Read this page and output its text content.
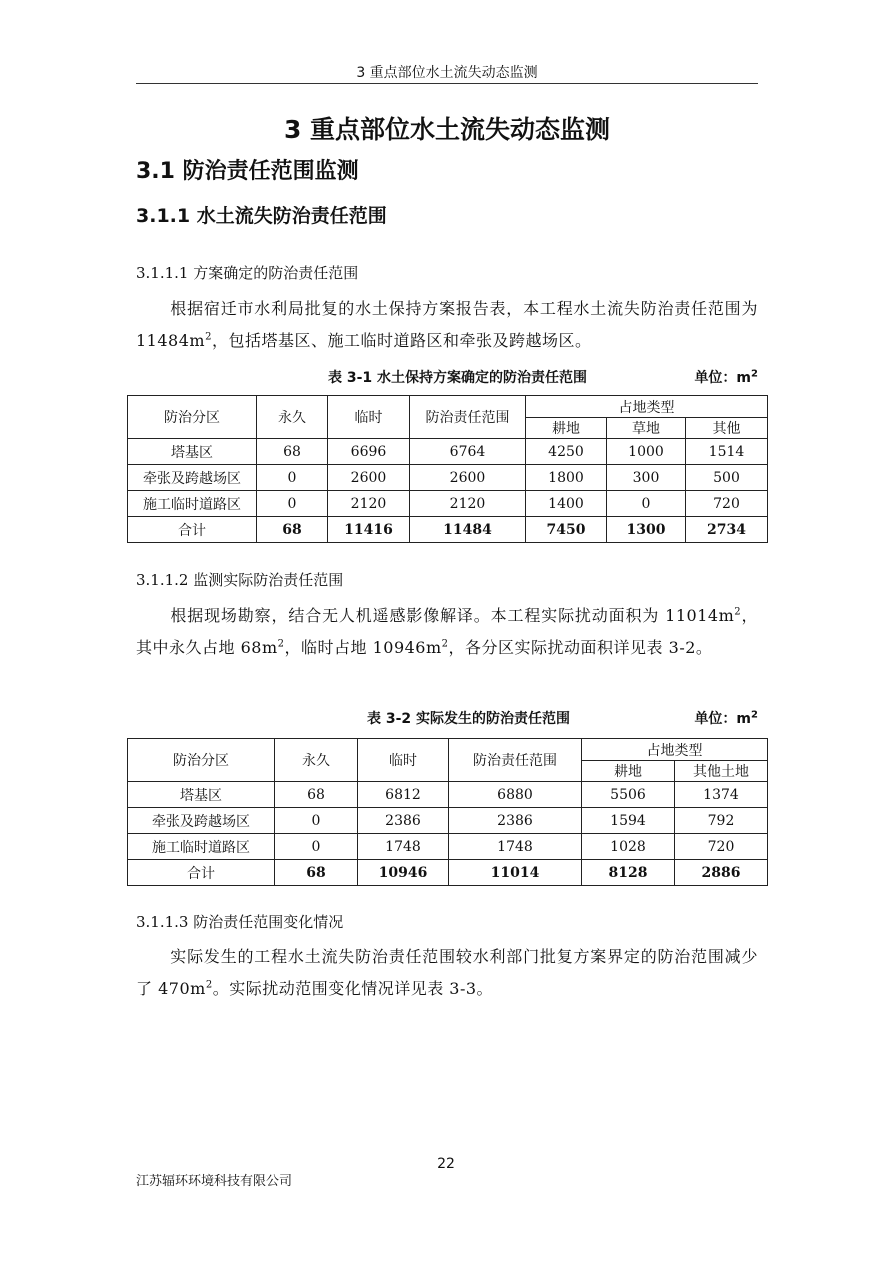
3 重点部位水土流失动态监测
3 重点部位水土流失动态监测
3.1 防治责任范围监测
3.1.1 水土流失防治责任范围
3.1.1.1 方案确定的防治责任范围
根据宿迁市水利局批复的水土保持方案报告表，本工程水土流失防治责任范围为 $11484m^2$，包括塔基区、施工临时道路区和牵张及跨越场区。
表 3-1 水土保持方案确定的防治责任范围	单位：$m^2$
防治分区	永久	临时	防治责任范围	占地类型		
				耕地	草地	其他
塔基区	68	6696	6764	4250	1000	1514
牵张及跨越场区	0	2600	2600	1800	300	500
施工临时道路区	0	2120	2120	1400	0	720
合计	68	11416	11484	7450	1300	2734
3.1.1.2 监测实际防治责任范围
根据现场勘察，结合无人机遥感影像解译。本工程实际扰动面积为 $11014m^2$，其中永久占地 $68m^2$，临时占地 $10946m^2$，各分区实际扰动面积详见表 3-2。
表 3-2 实际发生的防治责任范围	单位：$m^2$
防治分区	永久	临时	防治责任范围	占地类型	
				耕地	其他土地
塔基区	68	6812	6880	5506	1374
牵张及跨越场区	0	2386	2386	1594	792
施工临时道路区	0	1748	1748	1028	720
合计	68	10946	11014	8128	2886
3.1.1.3 防治责任范围变化情况
实际发生的工程水土流失防治责任范围较水利部门批复方案界定的防治范围减少了 $470m^2$。实际扰动范围变化情况详见表 3-3。
22
江苏辐环环境科技有限公司
